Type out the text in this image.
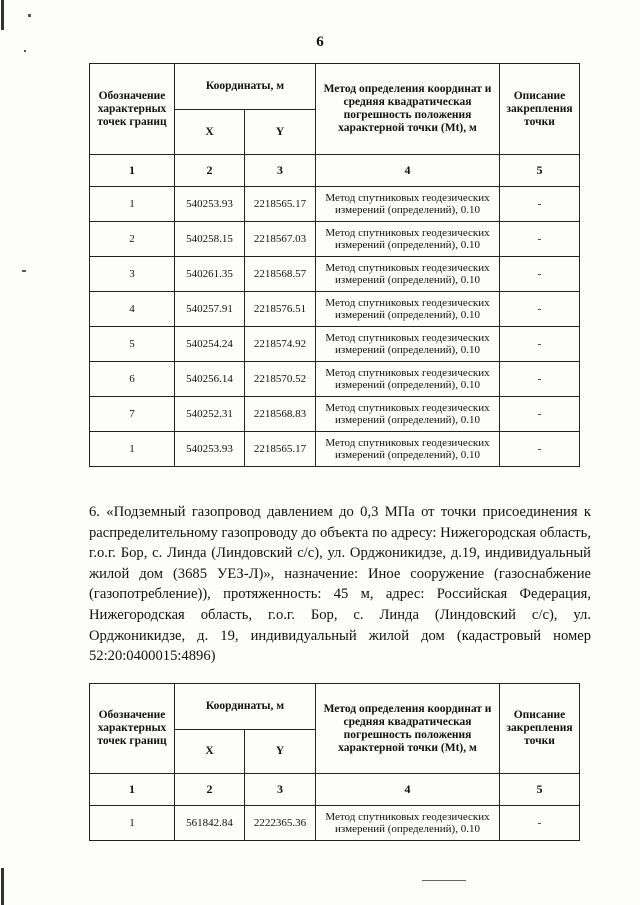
6
Обозначение характерных точек границ	Координаты, м		Метод определения координат и средняя квадратическая погрешность положения характерной точки (Mt), м	Описание закрепления точки
	X	Y		
1	2	3	4	5
1	540253.93	2218565.17	Метод спутниковых геодезических измерений (определений), 0.10	-
2	540258.15	2218567.03	Метод спутниковых геодезических измерений (определений), 0.10	-
3	540261.35	2218568.57	Метод спутниковых геодезических измерений (определений), 0.10	-
4	540257.91	2218576.51	Метод спутниковых геодезических измерений (определений), 0.10	-
5	540254.24	2218574.92	Метод спутниковых геодезических измерений (определений), 0.10	-
6	540256.14	2218570.52	Метод спутниковых геодезических измерений (определений), 0.10	-
7	540252.31	2218568.83	Метод спутниковых геодезических измерений (определений), 0.10	-
1	540253.93	2218565.17	Метод спутниковых геодезических измерений (определений), 0.10	-

6. «Подземный газопровод давлением до 0,3 МПа от точки присоединения к распределительному газопроводу до объекта по адресу: Нижегородская область, г.о.г. Бор, с. Линда (Линдовский с/с), ул. Орджоникидзе, д.19, индивидуальный жилой дом (3685 УЕЗ-Л)», назначение: Иное сооружение (газоснабжение (газопотребление)), протяженность: 45 м, адрес: Российская Федерация, Нижегородская область, г.о.г. Бор, с. Линда (Линдовский с/с), ул. Орджоникидзе, д. 19, индивидуальный жилой дом (кадастровый номер 52:20:0400015:4896)

Обозначение характерных точек границ	Координаты, м		Метод определения координат и средняя квадратическая погрешность положения характерной точки (Mt), м	Описание закрепления точки
	X	Y		
1	2	3	4	5
1	561842.84	2222365.36	Метод спутниковых геодезических измерений (определений), 0.10	-
